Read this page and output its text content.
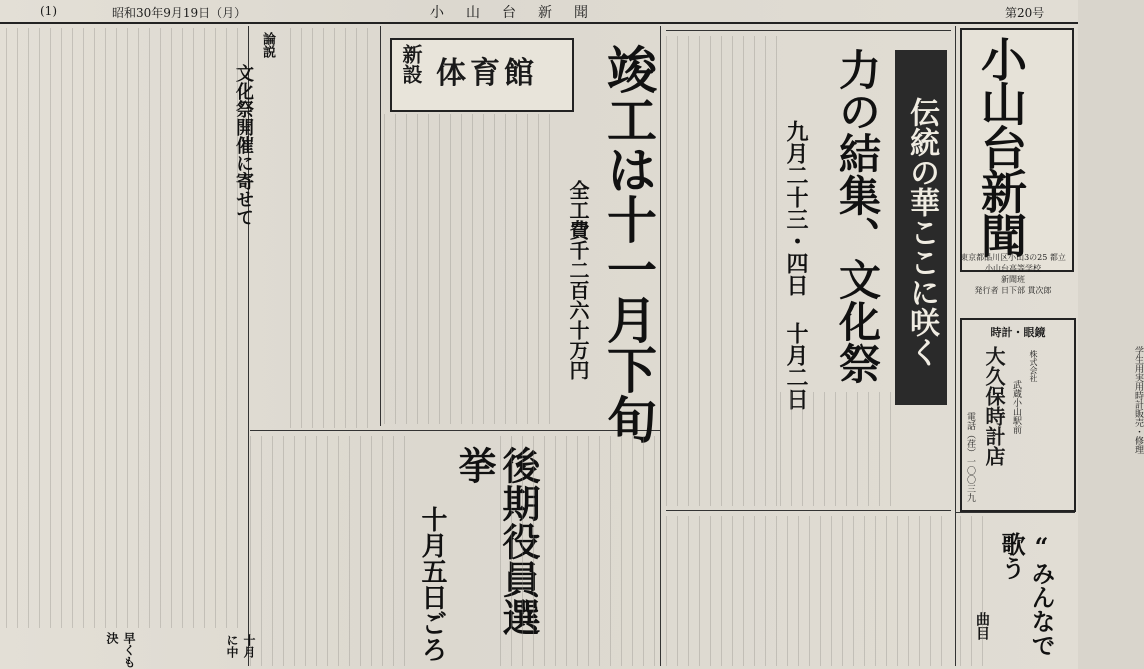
(1)	昭和30年9月19日（月）	小山台新聞	第20号
小山台新聞
東京都品川区小山3の25 都立小山台高等学校
新聞班
発行者 日下部 貫次郎
時計・眼鏡
学生用実用時計販売・修理
株式会社
武蔵小山駅前
大久保時計店
電話（荏）一〇〇三九
伝統の華ここに咲く
力の結集、文化祭
九月二十三・四日 十月二日
新設 体育館 竣工は十一月下旬
全工費千二百六十万円
後期役員選挙
十月五日ごろ
論説
文化祭開催に寄せて
“みんなで歌う
曲目
早くも決	十月に中
